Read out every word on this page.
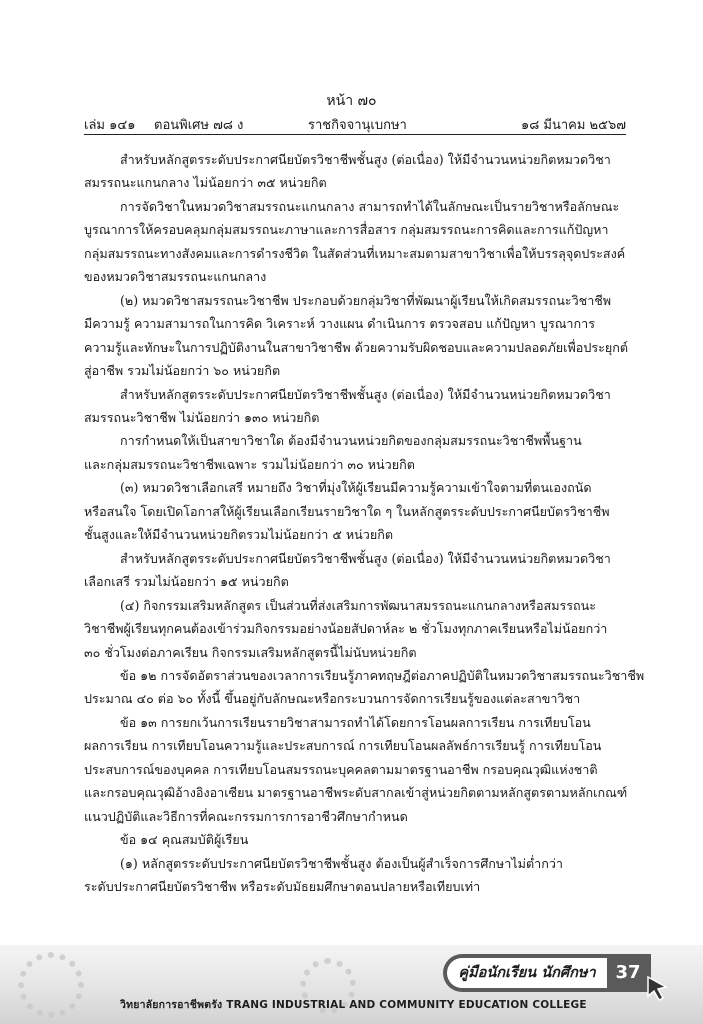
หน้า ๗๐
เล่ม ๑๔๑ ตอนพิเศษ ๗๘ ง	ราชกิจจานุเบกษา	๑๘ มีนาคม ๒๕๖๗

สำหรับหลักสูตรระดับประกาศนียบัตรวิชาชีพชั้นสูง (ต่อเนื่อง) ให้มีจำนวนหน่วยกิตหมวดวิชา

สมรรถนะแกนกลาง ไม่น้อยกว่า ๓๕ หน่วยกิต

การจัดวิชาในหมวดวิชาสมรรถนะแกนกลาง สามารถทำได้ในลักษณะเป็นรายวิชาหรือลักษณะ

บูรณาการให้ครอบคลุมกลุ่มสมรรถนะภาษาและการสื่อสาร กลุ่มสมรรถนะการคิดและการแก้ปัญหา

กลุ่มสมรรถนะทางสังคมและการดำรงชีวิต ในสัดส่วนที่เหมาะสมตามสาขาวิชาเพื่อให้บรรลุจุดประสงค์

ของหมวดวิชาสมรรถนะแกนกลาง

(๒) หมวดวิชาสมรรถนะวิชาชีพ ประกอบด้วยกลุ่มวิชาที่พัฒนาผู้เรียนให้เกิดสมรรถนะวิชาชีพ

มีความรู้ ความสามารถในการคิด วิเคราะห์ วางแผน ดำเนินการ ตรวจสอบ แก้ปัญหา บูรณาการ

ความรู้และทักษะในการปฏิบัติงานในสาขาวิชาชีพ ด้วยความรับผิดชอบและความปลอดภัยเพื่อประยุกต์

สู่อาชีพ รวมไม่น้อยกว่า ๖๐ หน่วยกิต

สำหรับหลักสูตรระดับประกาศนียบัตรวิชาชีพชั้นสูง (ต่อเนื่อง) ให้มีจำนวนหน่วยกิตหมวดวิชา

สมรรถนะวิชาชีพ ไม่น้อยกว่า ๑๓๐ หน่วยกิต

การกำหนดให้เป็นสาขาวิชาใด ต้องมีจำนวนหน่วยกิตของกลุ่มสมรรถนะวิชาชีพพื้นฐาน

และกลุ่มสมรรถนะวิชาชีพเฉพาะ รวมไม่น้อยกว่า ๓๐ หน่วยกิต

(๓) หมวดวิชาเลือกเสรี หมายถึง วิชาที่มุ่งให้ผู้เรียนมีความรู้ความเข้าใจตามที่ตนเองถนัด

หรือสนใจ โดยเปิดโอกาสให้ผู้เรียนเลือกเรียนรายวิชาใด ๆ ในหลักสูตรระดับประกาศนียบัตรวิชาชีพ

ชั้นสูงและให้มีจำนวนหน่วยกิตรวมไม่น้อยกว่า ๕ หน่วยกิต

สำหรับหลักสูตรระดับประกาศนียบัตรวิชาชีพชั้นสูง (ต่อเนื่อง) ให้มีจำนวนหน่วยกิตหมวดวิชา

เลือกเสรี รวมไม่น้อยกว่า ๑๕ หน่วยกิต

(๔) กิจกรรมเสริมหลักสูตร เป็นส่วนที่ส่งเสริมการพัฒนาสมรรถนะแกนกลางหรือสมรรถนะ

วิชาชีพผู้เรียนทุกคนต้องเข้าร่วมกิจกรรมอย่างน้อยสัปดาห์ละ ๒ ชั่วโมงทุกภาคเรียนหรือไม่น้อยกว่า

๓๐ ชั่วโมงต่อภาคเรียน กิจกรรมเสริมหลักสูตรนี้ไม่นับหน่วยกิต

ข้อ ๑๒ การจัดอัตราส่วนของเวลาการเรียนรู้ภาคทฤษฎีต่อภาคปฏิบัติในหมวดวิชาสมรรถนะวิชาชีพ

ประมาณ ๔๐ ต่อ ๖๐ ทั้งนี้ ขึ้นอยู่กับลักษณะหรือกระบวนการจัดการเรียนรู้ของแต่ละสาขาวิชา

ข้อ ๑๓ การยกเว้นการเรียนรายวิชาสามารถทำได้โดยการโอนผลการเรียน การเทียบโอน

ผลการเรียน การเทียบโอนความรู้และประสบการณ์ การเทียบโอนผลลัพธ์การเรียนรู้ การเทียบโอน

ประสบการณ์ของบุคคล การเทียบโอนสมรรถนะบุคคลตามมาตรฐานอาชีพ กรอบคุณวุฒิแห่งชาติ

และกรอบคุณวุฒิอ้างอิงอาเซียน มาตรฐานอาชีพระดับสากลเข้าสู่หน่วยกิตตามหลักสูตรตามหลักเกณฑ์

แนวปฏิบัติและวิธีการที่คณะกรรมการการอาชีวศึกษากำหนด

ข้อ ๑๔ คุณสมบัติผู้เรียน

(๑) หลักสูตรระดับประกาศนียบัตรวิชาชีพชั้นสูง ต้องเป็นผู้สำเร็จการศึกษาไม่ต่ำกว่า

ระดับประกาศนียบัตรวิชาชีพ หรือระดับมัธยมศึกษาตอนปลายหรือเทียบเท่า

คู่มือนักเรียน นักศึกษา	37
วิทยาลัยการอาชีพตรัง TRANG INDUSTRIAL AND COMMUNITY EDUCATION COLLEGE
